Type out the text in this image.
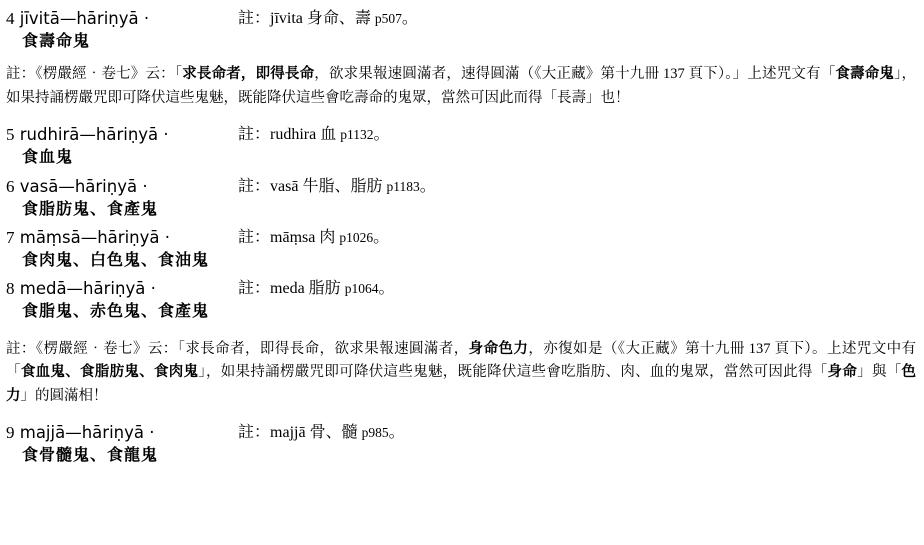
4 jīvitā—hāriṇyā ‧	註：jīvita 身命、壽 p507。
食壽命鬼
註：《楞嚴經‧卷七》云：「求長命者，即得長命，欲求果報速圓滿者，速得圓滿（《大正藏》第十九冊 137 頁下）。」上述咒文有「食壽命鬼」，如果持誦楞嚴咒即可降伏這些鬼魅，既能降伏這些會吃壽命的鬼眾，當然可因此而得「長壽」也！
5 rudhirā—hāriṇyā ‧	註：rudhira 血 p1132。
食血鬼
6 vasā—hāriṇyā ‧	註：vasā 牛脂、脂肪 p1183。
食脂肪鬼、食產鬼
7 māṃsā—hāriṇyā ‧	註：māṃsa 肉 p1026。
食肉鬼、白色鬼、食油鬼
8 medā—hāriṇyā ‧	註：meda 脂肪 p1064。
食脂鬼、赤色鬼、食產鬼
註：《楞嚴經‧卷七》云：「求長命者，即得長命，欲求果報速圓滿者，身命色力，亦復如是（《大正藏》第十九冊 137 頁下）。上述咒文中有「食血鬼、食脂肪鬼、食肉鬼」，如果持誦楞嚴咒即可降伏這些鬼魅，既能降伏這些會吃脂肪、肉、血的鬼眾，當然可因此得「身命」與「色力」的圓滿相！
9 majjā—hāriṇyā ‧	註：majjā 骨、髓 p985。
食骨髓鬼、食龍鬼
